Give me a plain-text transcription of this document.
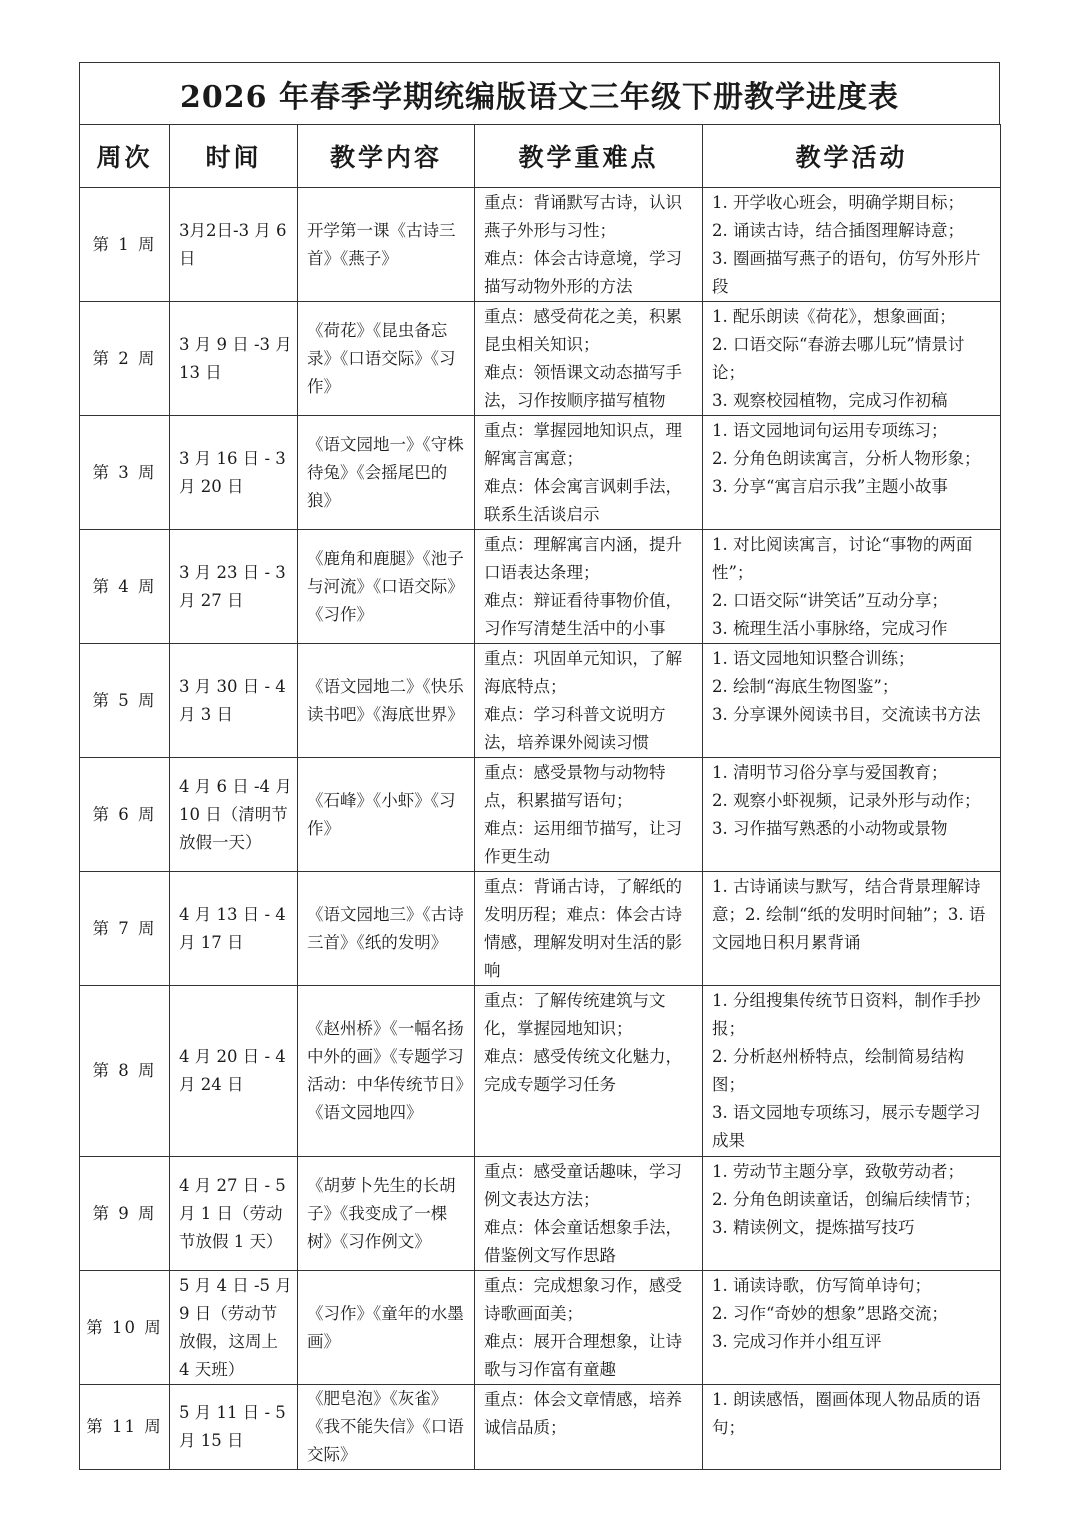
2026 年春季学期统编版语文三年级下册教学进度表
周次	时间	教学内容	教学重难点	教学活动
第 1 周	3月2日-3 月 6日	开学第一课《古诗三首》《燕子》	重点：背诵默写古诗，认识燕子外形与习性；
难点：体会古诗意境，学习描写动物外形的方法	1. 开学收心班会，明确学期目标；
2. 诵读古诗，结合插图理解诗意；
3. 圈画描写燕子的语句，仿写外形片段

第 2 周	3 月 9 日 -3 月 13 日	《荷花》《昆虫备忘录》《口语交际》《习作》	重点：感受荷花之美，积累昆虫相关知识；
难点：领悟课文动态描写手法，习作按顺序描写植物	1. 配乐朗读《荷花》，想象画面；
2. 口语交际“春游去哪儿玩”情景讨论；
3. 观察校园植物，完成习作初稿

第 3 周	3 月 16 日 - 3 月 20 日	《语文园地一》《守株待兔》《会摇尾巴的狼》	重点：掌握园地知识点，理解寓言寓意；
难点：体会寓言讽刺手法，联系生活谈启示	1. 语文园地词句运用专项练习；
2. 分角色朗读寓言，分析人物形象；
3. 分享“寓言启示我”主题小故事

第 4 周	3 月 23 日 - 3 月 27 日	《鹿角和鹿腿》《池子与河流》《口语交际》《习作》	重点：理解寓言内涵，提升口语表达条理；
难点：辩证看待事物价值，习作写清楚生活中的小事	1. 对比阅读寓言，讨论“事物的两面性”；
2. 口语交际“讲笑话”互动分享；
3. 梳理生活小事脉络，完成习作

第 5 周	3 月 30 日 - 4 月 3 日	《语文园地二》《快乐读书吧》《海底世界》	重点：巩固单元知识，了解海底特点；
难点：学习科普文说明方法，培养课外阅读习惯	1. 语文园地知识整合训练；
2. 绘制“海底生物图鉴”；
3. 分享课外阅读书目，交流读书方法

第 6 周	4 月 6 日 -4 月 10 日（清明节放假一天）	《石峰》《小虾》《习作》	重点：感受景物与动物特点，积累描写语句；
难点：运用细节描写，让习作更生动	1. 清明节习俗分享与爱国教育；
2. 观察小虾视频，记录外形与动作；
3. 习作描写熟悉的小动物或景物

第 7 周	4 月 13 日 - 4 月 17 日	《语文园地三》《古诗三首》《纸的发明》	重点：背诵古诗，了解纸的发明历程；难点：体会古诗情感，理解发明对生活的影响	1. 古诗诵读与默写，结合背景理解诗意；2. 绘制“纸的发明时间轴”；3. 语文园地日积月累背诵

第 8 周	4 月 20 日 - 4 月 24 日	《赵州桥》《一幅名扬中外的画》《专题学习活动：中华传统节日》《语文园地四》	重点：了解传统建筑与文化，掌握园地知识；
难点：感受传统文化魅力，完成专题学习任务	1. 分组搜集传统节日资料，制作手抄报；
2. 分析赵州桥特点，绘制简易结构图；
3. 语文园地专项练习，展示专题学习成果

第 9 周	4 月 27 日 - 5 月 1 日（劳动节放假 1 天）	《胡萝卜先生的长胡子》《我变成了一棵树》《习作例文》	重点：感受童话趣味，学习例文表达方法；
难点：体会童话想象手法，借鉴例文写作思路	1. 劳动节主题分享，致敬劳动者；
2. 分角色朗读童话，创编后续情节；
3. 精读例文，提炼描写技巧

第 10 周	5 月 4 日 -5 月 9 日（劳动节放假，这周上 4 天班）	《习作》《童年的水墨画》	重点：完成想象习作，感受诗歌画面美；
难点：展开合理想象，让诗歌与习作富有童趣	1. 诵读诗歌，仿写简单诗句；
2. 习作“奇妙的想象”思路交流；
3. 完成习作并小组互评

第 11 周	5 月 11 日 - 5 月 15 日	《肥皂泡》《灰雀》《我不能失信》《口语交际》	重点：体会文章情感，培养诚信品质；	1. 朗读感悟，圈画体现人物品质的语句；
